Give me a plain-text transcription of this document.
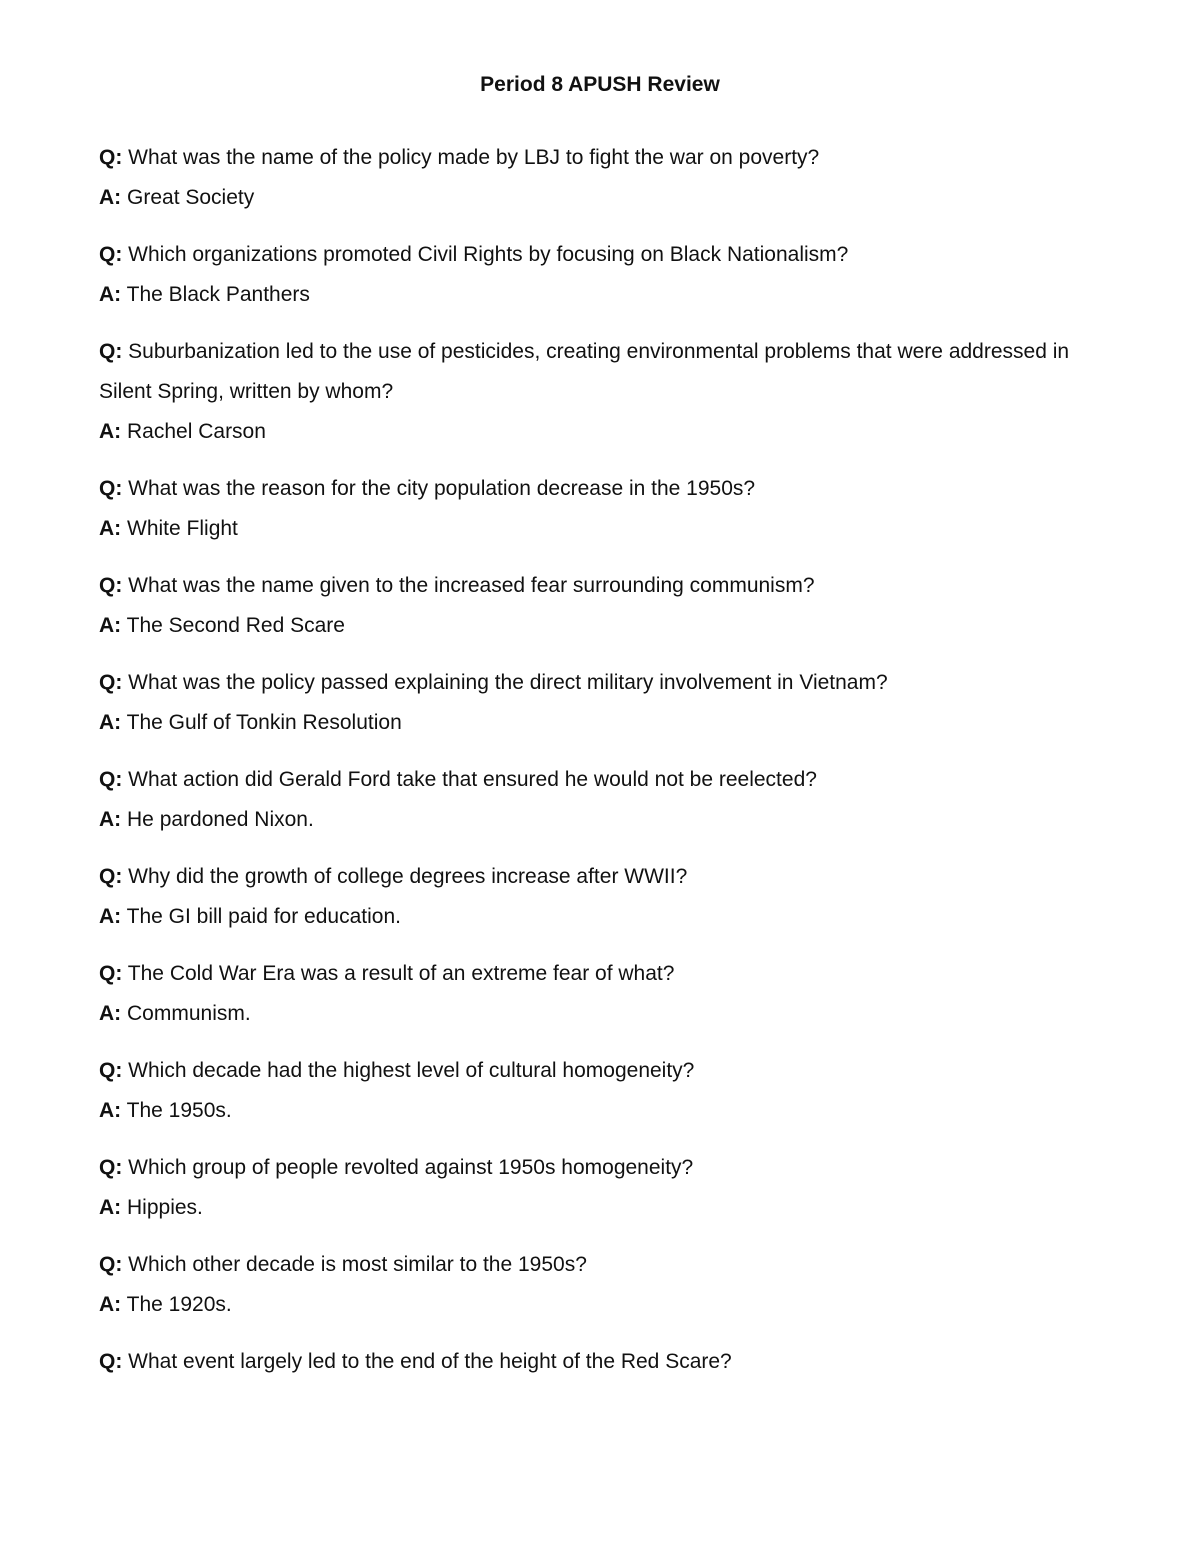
Period 8 APUSH Review
Q: What was the name of the policy made by LBJ to fight the war on poverty?
A: Great Society
Q: Which organizations promoted Civil Rights by focusing on Black Nationalism?
A: The Black Panthers
Q: Suburbanization led to the use of pesticides, creating environmental problems that were addressed in Silent Spring, written by whom?
A: Rachel Carson
Q: What was the reason for the city population decrease in the 1950s?
A: White Flight
Q: What was the name given to the increased fear surrounding communism?
A: The Second Red Scare
Q: What was the policy passed explaining the direct military involvement in Vietnam?
A: The Gulf of Tonkin Resolution
Q: What action did Gerald Ford take that ensured he would not be reelected?
A: He pardoned Nixon.
Q: Why did the growth of college degrees increase after WWII?
A: The GI bill paid for education.
Q: The Cold War Era was a result of an extreme fear of what?
A: Communism.
Q: Which decade had the highest level of cultural homogeneity?
A: The 1950s.
Q: Which group of people revolted against 1950s homogeneity?
A: Hippies.
Q: Which other decade is most similar to the 1950s?
A: The 1920s.
Q: What event largely led to the end of the height of the Red Scare?
